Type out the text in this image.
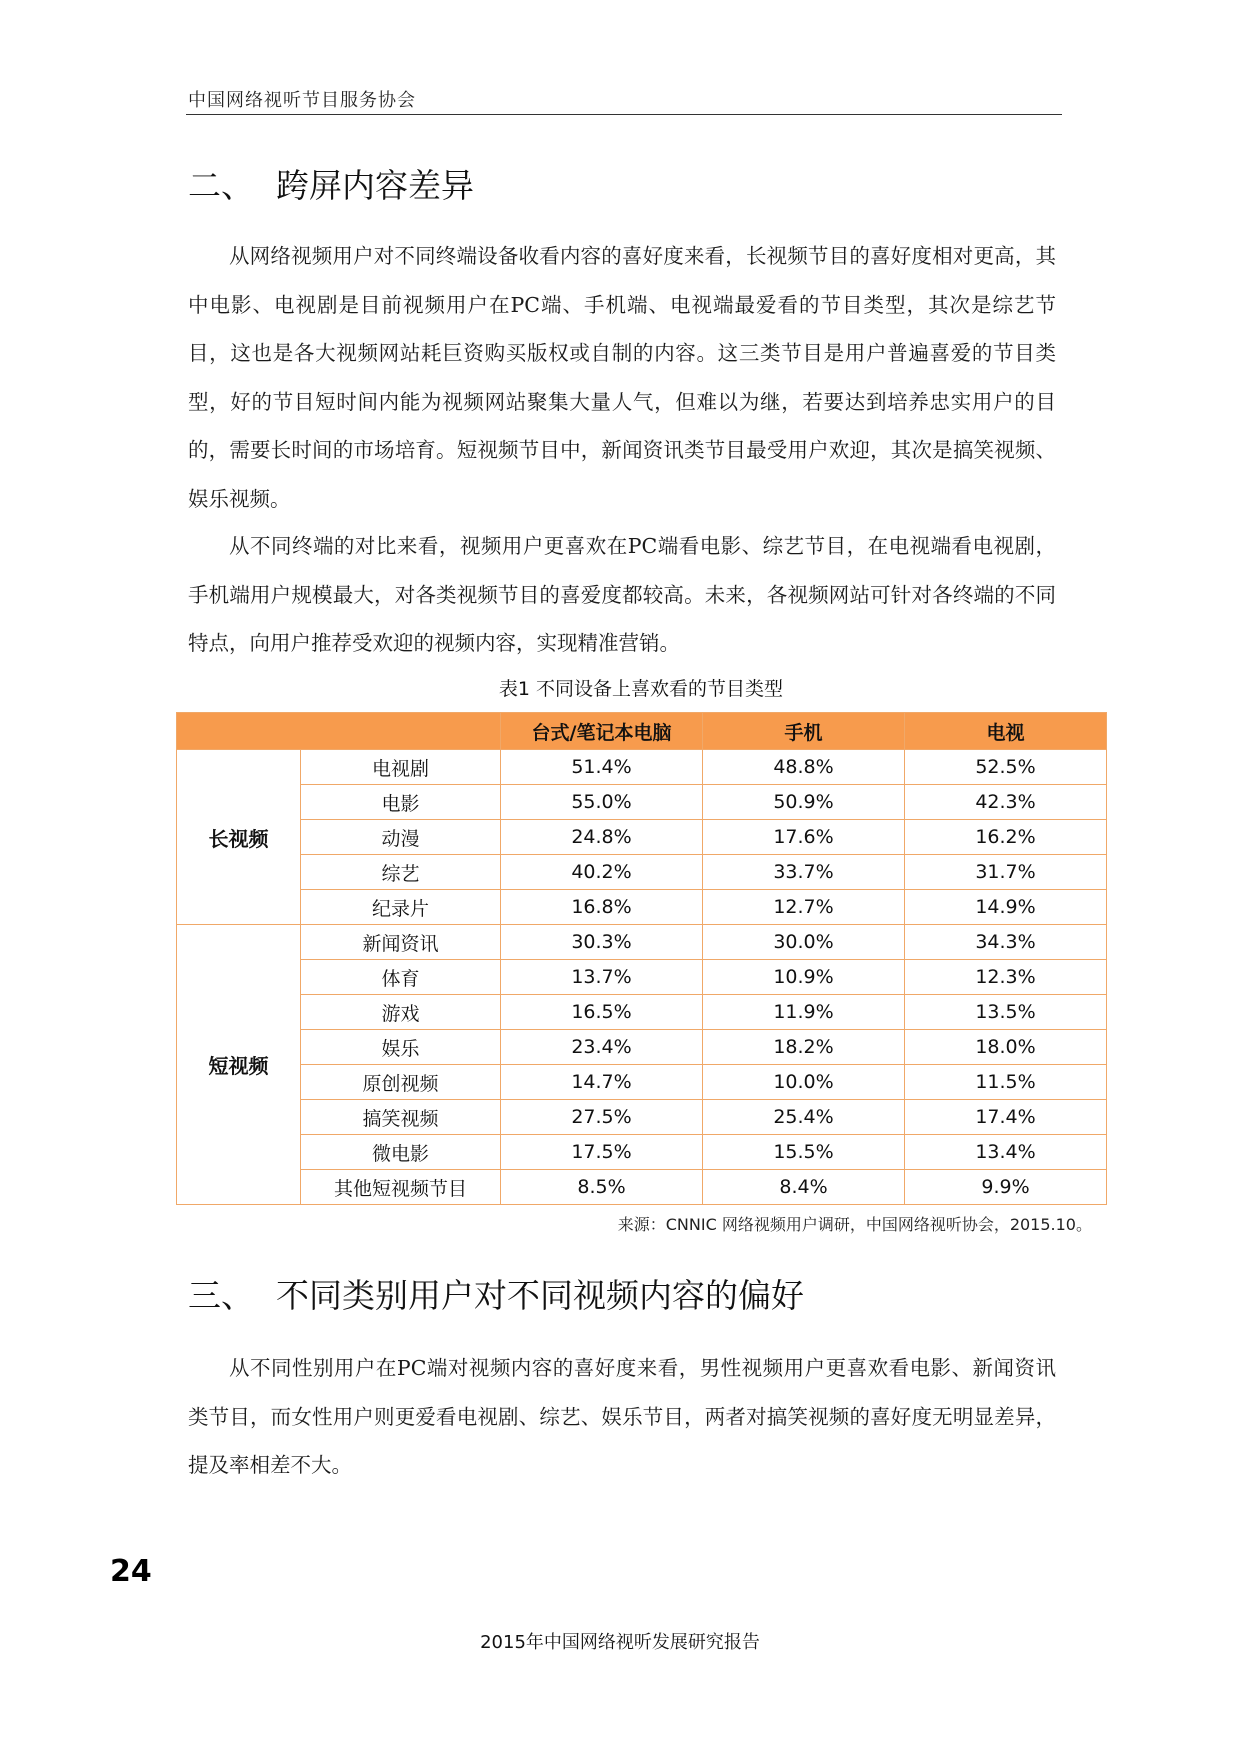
中国网络视听节目服务协会
二、 跨屏内容差异

从网络视频用户对不同终端设备收看内容的喜好度来看，长视频节目的喜好度相对更高，其中电影、电视剧是目前视频用户在PC端、手机端、电视端最爱看的节目类型，其次是综艺节目，这也是各大视频网站耗巨资购买版权或自制的内容。这三类节目是用户普遍喜爱的节目类型，好的节目短时间内能为视频网站聚集大量人气，但难以为继，若要达到培养忠实用户的目的，需要长时间的市场培育。短视频节目中，新闻资讯类节目最受用户欢迎，其次是搞笑视频、娱乐视频。

从不同终端的对比来看，视频用户更喜欢在PC端看电影、综艺节目，在电视端看电视剧，手机端用户规模最大，对各类视频节目的喜爱度都较高。未来，各视频网站可针对各终端的不同特点，向用户推荐受欢迎的视频内容，实现精准营销。

表1 不同设备上喜欢看的节目类型

		台式/笔记本电脑	手机	电视
长视频	电视剧	51.4%	48.8%	52.5%
	电影	55.0%	50.9%	42.3%
	动漫	24.8%	17.6%	16.2%
	综艺	40.2%	33.7%	31.7%
	纪录片	16.8%	12.7%	14.9%
短视频	新闻资讯	30.3%	30.0%	34.3%
	体育	13.7%	10.9%	12.3%
	游戏	16.5%	11.9%	13.5%
	娱乐	23.4%	18.2%	18.0%
	原创视频	14.7%	10.0%	11.5%
	搞笑视频	27.5%	25.4%	17.4%
	微电影	17.5%	15.5%	13.4%
	其他短视频节目	8.5%	8.4%	9.9%

来源：CNNIC 网络视频用户调研，中国网络视听协会，2015.10。

三、 不同类别用户对不同视频内容的偏好

从不同性别用户在PC端对视频内容的喜好度来看，男性视频用户更喜欢看电影、新闻资讯类节目，而女性用户则更爱看电视剧、综艺、娱乐节目，两者对搞笑视频的喜好度无明显差异，提及率相差不大。

24
2015年中国网络视听发展研究报告
